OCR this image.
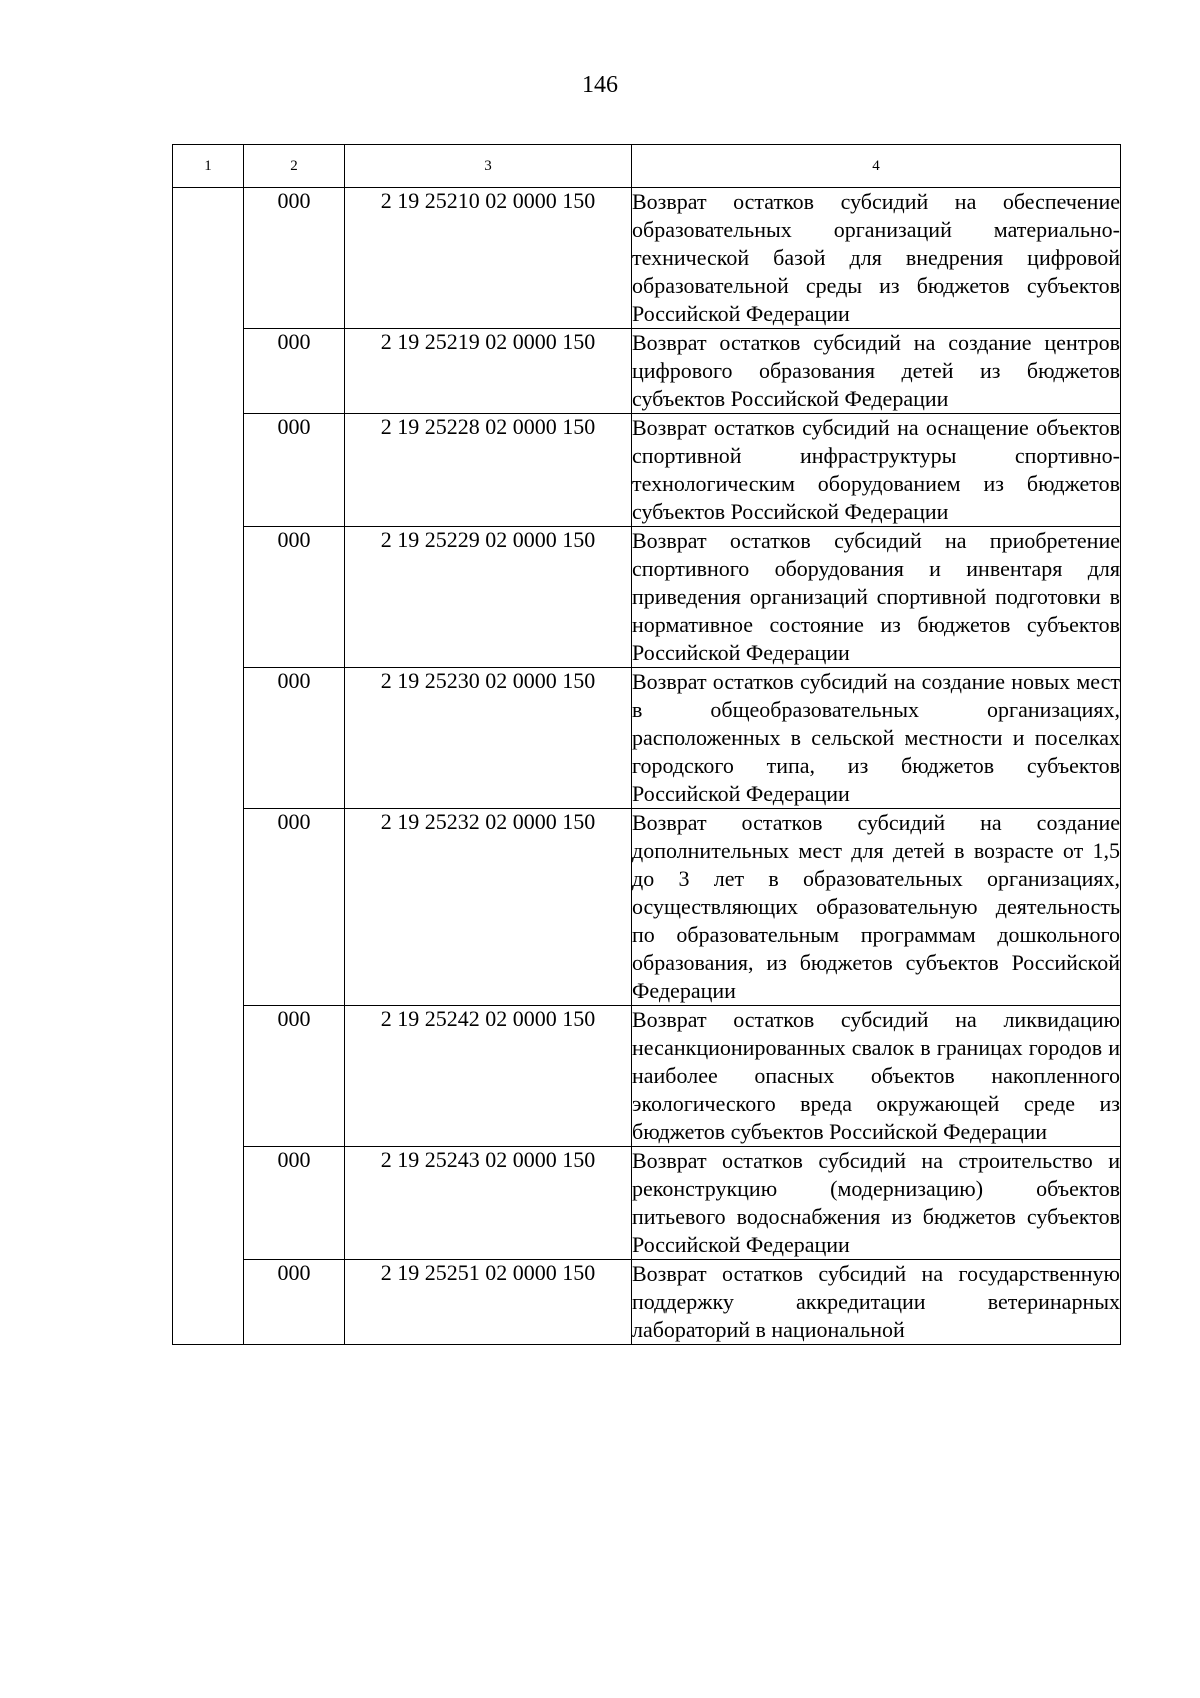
146
1	2	3	4
	000	2 19 25210 02 0000 150	Возврат остатков субсидий на обеспечение образовательных организаций материально-технической базой для внедрения цифровой образовательной среды из бюджетов субъектов Российской Федерации
	000	2 19 25219 02 0000 150	Возврат остатков субсидий на создание центров цифрового образования детей из бюджетов субъектов Российской Федерации
	000	2 19 25228 02 0000 150	Возврат остатков субсидий на оснащение объектов спортивной инфраструктуры спортивно-технологическим оборудованием из бюджетов субъектов Российской Федерации
	000	2 19 25229 02 0000 150	Возврат остатков субсидий на приобретение спортивного оборудования и инвентаря для приведения организаций спортивной подготовки в нормативное состояние из бюджетов субъектов Российской Федерации
	000	2 19 25230 02 0000 150	Возврат остатков субсидий на создание новых мест в общеобразовательных организациях, расположенных в сельской местности и поселках городского типа, из бюджетов субъектов Российской Федерации
	000	2 19 25232 02 0000 150	Возврат остатков субсидий на создание дополнительных мест для детей в возрасте от 1,5 до 3 лет в образовательных организациях, осуществляющих образовательную деятельность по образовательным программам дошкольного образования, из бюджетов субъектов Российской Федерации
	000	2 19 25242 02 0000 150	Возврат остатков субсидий на ликвидацию несанкционированных свалок в границах городов и наиболее опасных объектов накопленного экологического вреда окружающей среде из бюджетов субъектов Российской Федерации
	000	2 19 25243 02 0000 150	Возврат остатков субсидий на строительство и реконструкцию (модернизацию) объектов питьевого водоснабжения из бюджетов субъектов Российской Федерации
	000	2 19 25251 02 0000 150	Возврат остатков субсидий на государственную поддержку аккредитации ветеринарных лабораторий в национальной
